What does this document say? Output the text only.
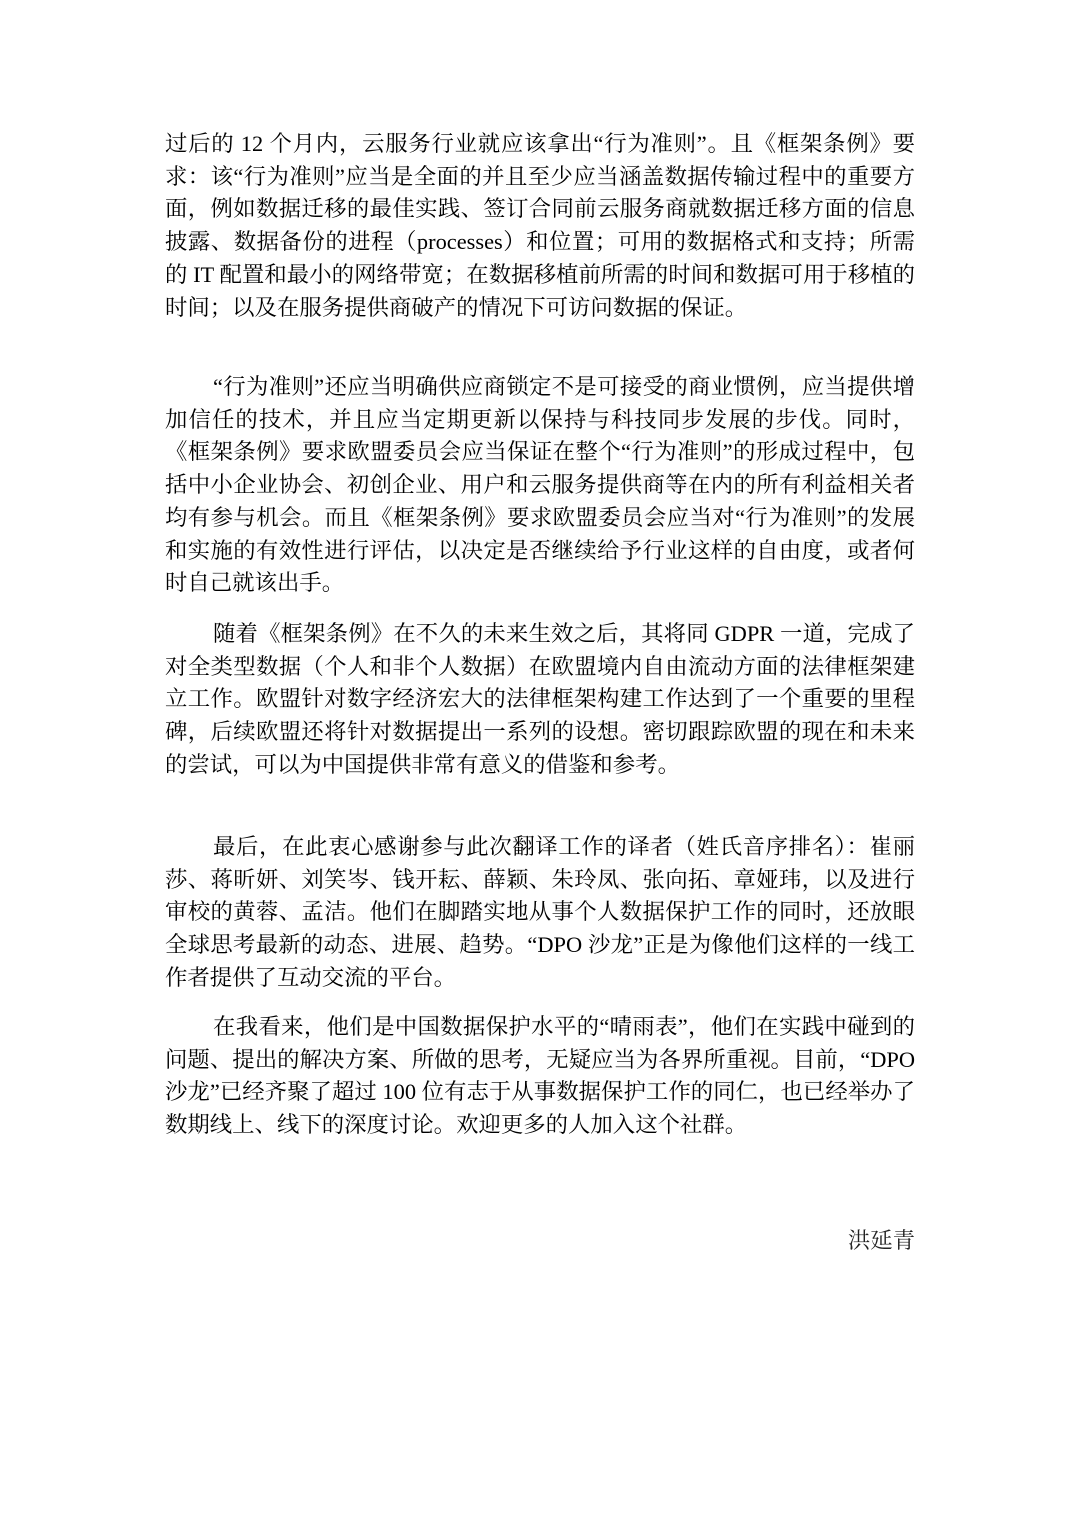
过后的 12 个月内，云服务行业就应该拿出“行为准则”。且《框架条例》要求：该“行为准则”应当是全面的并且至少应当涵盖数据传输过程中的重要方面，例如数据迁移的最佳实践、签订合同前云服务商就数据迁移方面的信息披露、数据备份的进程（processes）和位置；可用的数据格式和支持；所需的 IT 配置和最小的网络带宽；在数据移植前所需的时间和数据可用于移植的时间；以及在服务提供商破产的情况下可访问数据的保证。

“行为准则”还应当明确供应商锁定不是可接受的商业惯例，应当提供增加信任的技术，并且应当定期更新以保持与科技同步发展的步伐。同时，《框架条例》要求欧盟委员会应当保证在整个“行为准则”的形成过程中，包括中小企业协会、初创企业、用户和云服务提供商等在内的所有利益相关者均有参与机会。而且《框架条例》要求欧盟委员会应当对“行为准则”的发展和实施的有效性进行评估，以决定是否继续给予行业这样的自由度，或者何时自己就该出手。

随着《框架条例》在不久的未来生效之后，其将同 GDPR 一道，完成了对全类型数据（个人和非个人数据）在欧盟境内自由流动方面的法律框架建立工作。欧盟针对数字经济宏大的法律框架构建工作达到了一个重要的里程碑，后续欧盟还将针对数据提出一系列的设想。密切跟踪欧盟的现在和未来的尝试，可以为中国提供非常有意义的借鉴和参考。

最后，在此衷心感谢参与此次翻译工作的译者（姓氏音序排名）：崔丽莎、蒋昕妍、刘笑岑、钱开耘、薛颖、朱玲凤、张向拓、章娅玮，以及进行审校的黄蓉、孟洁。他们在脚踏实地从事个人数据保护工作的同时，还放眼全球思考最新的动态、进展、趋势。“DPO 沙龙”正是为像他们这样的一线工作者提供了互动交流的平台。

在我看来，他们是中国数据保护水平的“晴雨表”，他们在实践中碰到的问题、提出的解决方案、所做的思考，无疑应当为各界所重视。目前，“DPO 沙龙”已经齐聚了超过 100 位有志于从事数据保护工作的同仁，也已经举办了数期线上、线下的深度讨论。欢迎更多的人加入这个社群。

洪延青
